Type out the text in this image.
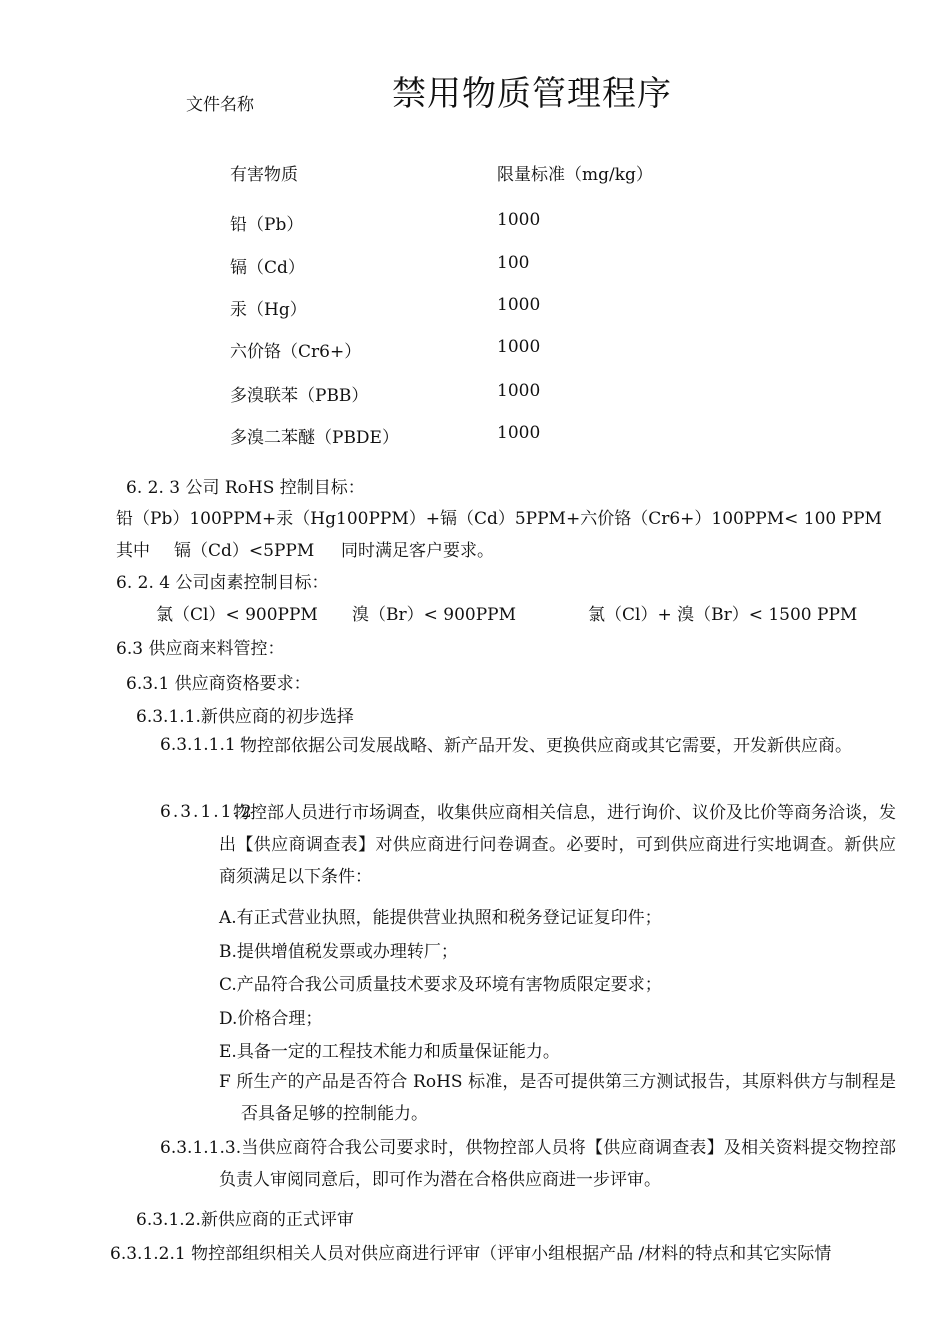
文件名称	禁用物质管理程序
有害物质	限量标准（mg/kg）
铅（Pb）	1000
镉（Cd）	100
汞（Hg）	1000
六价铬（Cr6+）	1000
多溴联苯（PBB）	1000
多溴二苯醚（PBDE）	1000
6. 2. 3 公司 RoHS 控制目标：
铅（Pb）100PPM+汞（Hg100PPM）+镉（Cd）5PPM+六价铬（Cr6+）100PPM< 100 PPM
其中 镉（Cd）<5PPM 同时满足客户要求。
6. 2. 4 公司卤素控制目标：
氯（Cl）< 900PPM 溴（Br）< 900PPM	氯（Cl）+ 溴（Br）< 1500 PPM
6.3 供应商来料管控：
6.3.1 供应商资格要求：
6.3.1.1.新供应商的初步选择
6.3.1.1.1 物控部依据公司发展战略、新产品开发、更换供应商或其它需要，开发新供应商。
6.3.1.1.2
物控部人员进行市场调查，收集供应商相关信息，进行询价、议价及比价等商务洽谈，发出【供应商调查表】对供应商进行问卷调查。必要时，可到供应商进行实地调查。新供应商须满足以下条件：
A.有正式营业执照，能提供营业执照和税务登记证复印件；
B.提供增值税发票或办理转厂；
C.产品符合我公司质量技术要求及环境有害物质限定要求；
D.价格合理；
E.具备一定的工程技术能力和质量保证能力。
F 所生产的产品是否符合 RoHS 标准，是否可提供第三方测试报告，其原料供方与制程是否具备足够的控制能力。
6.3.1.1.3.当供应商符合我公司要求时，供物控部人员将【供应商调查表】及相关资料提交物控部负责人审阅同意后，即可作为潜在合格供应商进一步评审。
6.3.1.2.新供应商的正式评审
6.3.1.2.1 物控部组织相关人员对供应商进行评审（评审小组根据产品 /材料的特点和其它实际情
